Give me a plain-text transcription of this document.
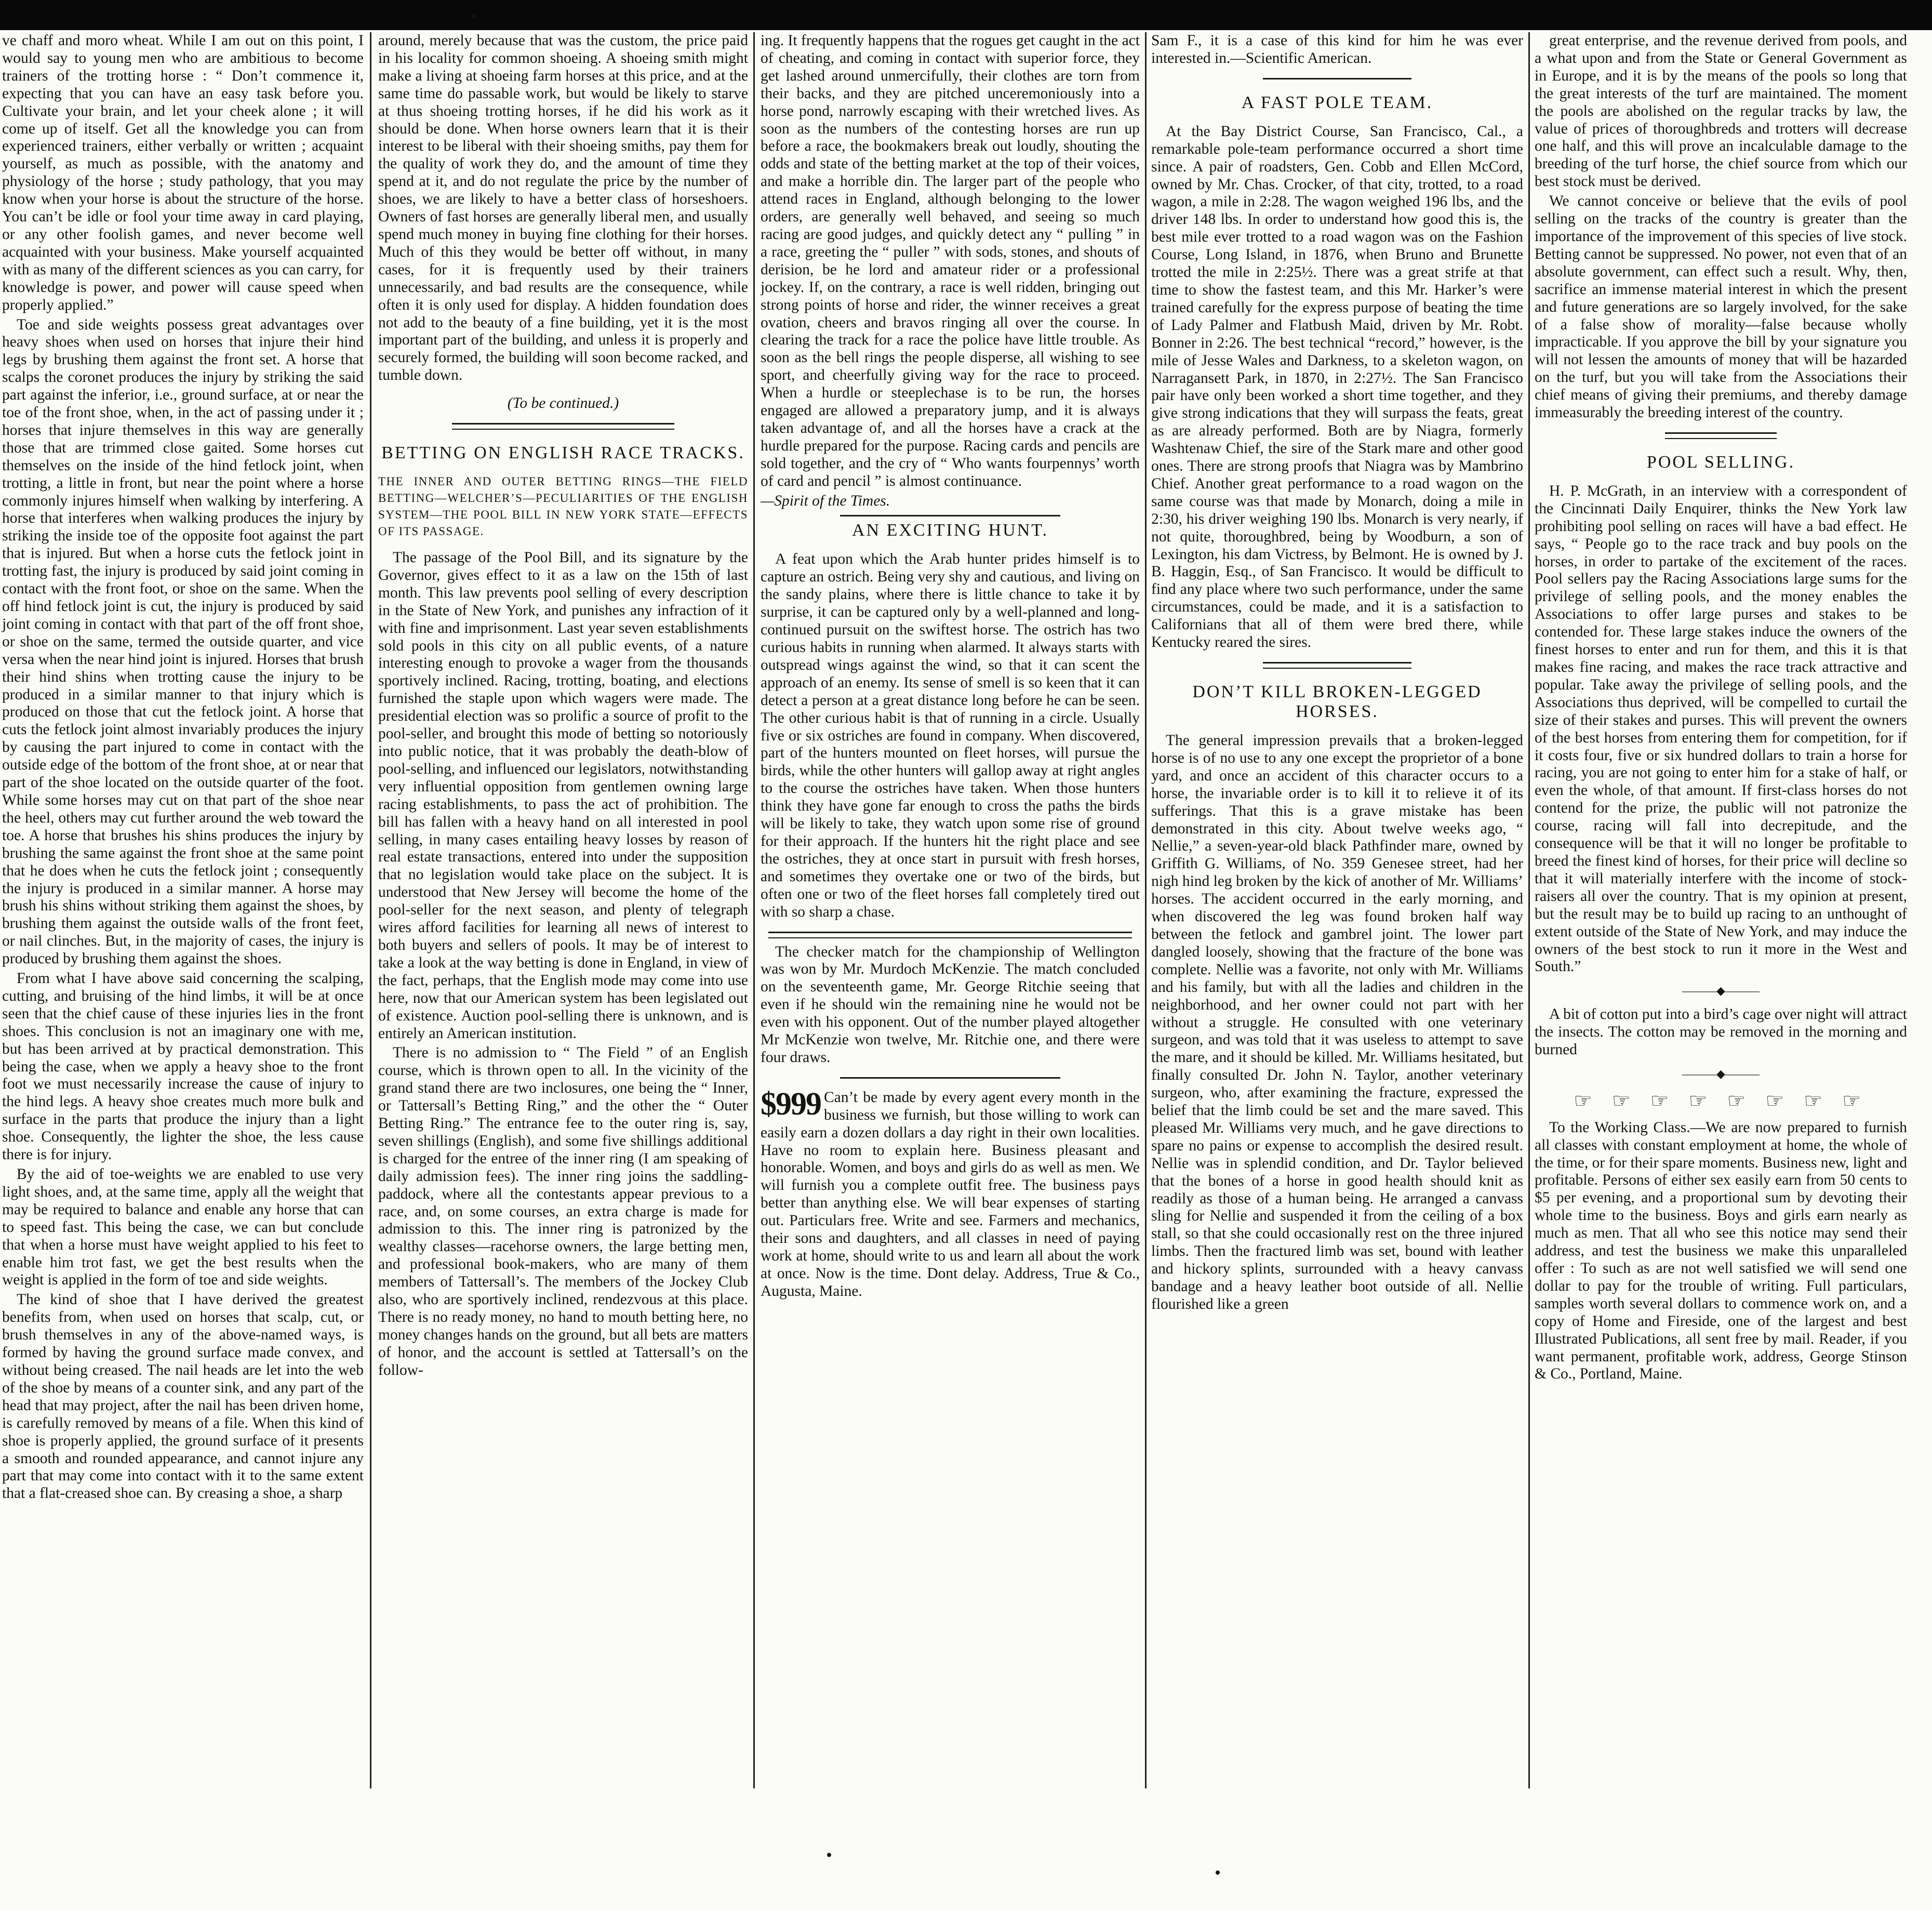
ve chaff and moro wheat. While I am out on this point, I would say to young men who are ambitious to become trainers of the trotting horse : “ Don’t commence it, expecting that you can have an easy task before you. Cultivate your brain, and let your cheek alone ; it will come up of itself. Get all the knowledge you can from experienced trainers, either verbally or written ; acquaint yourself, as much as possible, with the anatomy and physiology of the horse ; study pathology, that you may know when your horse is about the structure of the horse. You can’t be idle or fool your time away in card playing, or any other foolish games, and never become well acquainted with your business. Make yourself acquainted with as many of the different sciences as you can carry, for knowledge is power, and power will cause speed when properly applied.”

Toe and side weights possess great advantages over heavy shoes when used on horses that injure their hind legs by brushing them against the front set. A horse that scalps the coronet produces the injury by striking the said part against the inferior, i.e., ground surface, at or near the toe of the front shoe, when, in the act of passing under it ; horses that injure themselves in this way are generally those that are trimmed close gaited. Some horses cut themselves on the inside of the hind fetlock joint, when trotting, a little in front, but near the point where a horse commonly injures himself when walking by interfering. A horse that interferes when walking produces the injury by striking the inside toe of the opposite foot against the part that is injured. But when a horse cuts the fetlock joint in trotting fast, the injury is produced by said joint coming in contact with the front foot, or shoe on the same. When the off hind fetlock joint is cut, the injury is produced by said joint coming in contact with that part of the off front shoe, or shoe on the same, termed the outside quarter, and vice versa when the near hind joint is injured. Horses that brush their hind shins when trotting cause the injury to be produced in a similar manner to that injury which is produced on those that cut the fetlock joint. A horse that cuts the fetlock joint almost invariably produces the injury by causing the part injured to come in contact with the outside edge of the bottom of the front shoe, at or near that part of the shoe located on the outside quarter of the foot. While some horses may cut on that part of the shoe near the heel, others may cut further around the web toward the toe. A horse that brushes his shins produces the injury by brushing the same against the front shoe at the same point that he does when he cuts the fetlock joint ; consequently the injury is produced in a similar manner. A horse may brush his shins without striking them against the shoes, by brushing them against the outside walls of the front feet, or nail clinches. But, in the majority of cases, the injury is produced by brushing them against the shoes.

From what I have above said concerning the scalping, cutting, and bruising of the hind limbs, it will be at once seen that the chief cause of these injuries lies in the front shoes. This conclusion is not an imaginary one with me, but has been arrived at by practical demonstration. This being the case, when we apply a heavy shoe to the front foot we must necessarily increase the cause of injury to the hind legs. A heavy shoe creates much more bulk and surface in the parts that produce the injury than a light shoe. Consequently, the lighter the shoe, the less cause there is for injury.

By the aid of toe-weights we are enabled to use very light shoes, and, at the same time, apply all the weight that may be required to balance and enable any horse that can to speed fast. This being the case, we can but conclude that when a horse must have weight applied to his feet to enable him trot fast, we get the best results when the weight is applied in the form of toe and side weights.

The kind of shoe that I have derived the greatest benefits from, when used on horses that scalp, cut, or brush themselves in any of the above-named ways, is formed by having the ground surface made convex, and without being creased. The nail heads are let into the web of the shoe by means of a counter sink, and any part of the head that may project, after the nail has been driven home, is carefully removed by means of a file. When this kind of shoe is properly applied, the ground surface of it presents a smooth and rounded appearance, and cannot injure any part that may come into contact with it to the same extent that a flat-creased shoe can. By creasing a shoe, a sharp

around, merely because that was the custom, the price paid in his locality for common shoeing. A shoeing smith might make a living at shoeing farm horses at this price, and at the same time do passable work, but would be likely to starve at thus shoeing trotting horses, if he did his work as it should be done. When horse owners learn that it is their interest to be liberal with their shoeing smiths, pay them for the quality of work they do, and the amount of time they spend at it, and do not regulate the price by the number of shoes, we are likely to have a better class of horseshoers. Owners of fast horses are generally liberal men, and usually spend much money in buying fine clothing for their horses. Much of this they would be better off without, in many cases, for it is frequently used by their trainers unnecessarily, and bad results are the consequence, while often it is only used for display. A hidden foundation does not add to the beauty of a fine building, yet it is the most important part of the building, and unless it is properly and securely formed, the building will soon become racked, and tumble down.

(To be continued.)

BETTING ON ENGLISH RACE TRACKS.
THE INNER AND OUTER BETTING RINGS—THE FIELD BETTING—WELCHER’S—PECULIARITIES OF THE ENGLISH SYSTEM—THE POOL BILL IN NEW YORK STATE—EFFECTS OF ITS PASSAGE.

The passage of the Pool Bill, and its signature by the Governor, gives effect to it as a law on the 15th of last month. This law prevents pool selling of every description in the State of New York, and punishes any infraction of it with fine and imprisonment. Last year seven establishments sold pools in this city on all public events, of a nature interesting enough to provoke a wager from the thousands sportively inclined. Racing, trotting, boating, and elections furnished the staple upon which wagers were made. The presidential election was so prolific a source of profit to the pool-seller, and brought this mode of betting so notoriously into public notice, that it was probably the death-blow of pool-selling, and influenced our legislators, notwithstanding very influential opposition from gentlemen owning large racing establishments, to pass the act of prohibition. The bill has fallen with a heavy hand on all interested in pool selling, in many cases entailing heavy losses by reason of real estate transactions, entered into under the supposition that no legislation would take place on the subject. It is understood that New Jersey will become the home of the pool-seller for the next season, and plenty of telegraph wires afford facilities for learning all news of interest to both buyers and sellers of pools. It may be of interest to take a look at the way betting is done in England, in view of the fact, perhaps, that the English mode may come into use here, now that our American system has been legislated out of existence. Auction pool-selling there is unknown, and is entirely an American institution.

There is no admission to “ The Field ” of an English course, which is thrown open to all. In the vicinity of the grand stand there are two inclosures, one being the “ Inner, or Tattersall’s Betting Ring,” and the other the “ Outer Betting Ring.” The entrance fee to the outer ring is, say, seven shillings (English), and some five shillings additional is charged for the entree of the inner ring (I am speaking of daily admission fees). The inner ring joins the saddling-paddock, where all the contestants appear previous to a race, and, on some courses, an extra charge is made for admission to this. The inner ring is patronized by the wealthy classes—racehorse owners, the large betting men, and professional book-makers, who are many of them members of Tattersall’s. The members of the Jockey Club also, who are sportively inclined, rendezvous at this place. There is no ready money, no hand to mouth betting here, no money changes hands on the ground, but all bets are matters of honor, and the account is settled at Tattersall’s on the follow-

ing. It frequently happens that the rogues get caught in the act of cheating, and coming in contact with superior force, they get lashed around unmercifully, their clothes are torn from their backs, and they are pitched unceremoniously into a horse pond, narrowly escaping with their wretched lives. As soon as the numbers of the contesting horses are run up before a race, the bookmakers break out loudly, shouting the odds and state of the betting market at the top of their voices, and make a horrible din. The larger part of the people who attend races in England, although belonging to the lower orders, are generally well behaved, and seeing so much racing are good judges, and quickly detect any “ pulling ” in a race, greeting the “ puller ” with sods, stones, and shouts of derision, be he lord and amateur rider or a professional jockey. If, on the contrary, a race is well ridden, bringing out strong points of horse and rider, the winner receives a great ovation, cheers and bravos ringing all over the course. In clearing the track for a race the police have little trouble. As soon as the bell rings the people disperse, all wishing to see sport, and cheerfully giving way for the race to proceed. When a hurdle or steeplechase is to be run, the horses engaged are allowed a preparatory jump, and it is always taken advantage of, and all the horses have a crack at the hurdle prepared for the purpose. Racing cards and pencils are sold together, and the cry of “ Who wants fourpennys’ worth of card and pencil ” is almost continuance.

—Spirit of the Times.

AN EXCITING HUNT.

A feat upon which the Arab hunter prides himself is to capture an ostrich. Being very shy and cautious, and living on the sandy plains, where there is little chance to take it by surprise, it can be captured only by a well-planned and long-continued pursuit on the swiftest horse. The ostrich has two curious habits in running when alarmed. It always starts with outspread wings against the wind, so that it can scent the approach of an enemy. Its sense of smell is so keen that it can detect a person at a great distance long before he can be seen. The other curious habit is that of running in a circle. Usually five or six ostriches are found in company. When discovered, part of the hunters mounted on fleet horses, will pursue the birds, while the other hunters will gallop away at right angles to the course the ostriches have taken. When those hunters think they have gone far enough to cross the paths the birds will be likely to take, they watch upon some rise of ground for their approach. If the hunters hit the right place and see the ostriches, they at once start in pursuit with fresh horses, and sometimes they overtake one or two of the birds, but often one or two of the fleet horses fall completely tired out with so sharp a chase.

The checker match for the championship of Wellington was won by Mr. Murdoch McKenzie. The match concluded on the seventeenth game, Mr. George Ritchie seeing that even if he should win the remaining nine he would not be even with his opponent. Out of the number played altogether Mr McKenzie won twelve, Mr. Ritchie one, and there were four draws.

$999 Can’t be made by every agent every month in the business we furnish, but those willing to work can easily earn a dozen dollars a day right in their own localities. Have no room to explain here. Business pleasant and honorable. Women, and boys and girls do as well as men. We will furnish you a complete outfit free. The business pays better than anything else. We will bear expenses of starting out. Particulars free. Write and see. Farmers and mechanics, their sons and daughters, and all classes in need of paying work at home, should write to us and learn all about the work at once. Now is the time. Dont delay. Address, True & Co., Augusta, Maine.

Sam F., it is a case of this kind for him he was ever interested in.—Scientific American.

A FAST POLE TEAM.

At the Bay District Course, San Francisco, Cal., a remarkable pole-team performance occurred a short time since. A pair of roadsters, Gen. Cobb and Ellen McCord, owned by Mr. Chas. Crocker, of that city, trotted, to a road wagon, a mile in 2:28. The wagon weighed 196 lbs, and the driver 148 lbs. In order to understand how good this is, the best mile ever trotted to a road wagon was on the Fashion Course, Long Island, in 1876, when Bruno and Brunette trotted the mile in 2:25½. There was a great strife at that time to show the fastest team, and this Mr. Harker’s were trained carefully for the express purpose of beating the time of Lady Palmer and Flatbush Maid, driven by Mr. Robt. Bonner in 2:26. The best technical “record,” however, is the mile of Jesse Wales and Darkness, to a skeleton wagon, on Narragansett Park, in 1870, in 2:27½. The San Francisco pair have only been worked a short time together, and they give strong indications that they will surpass the feats, great as are already performed. Both are by Niagra, formerly Washtenaw Chief, the sire of the Stark mare and other good ones. There are strong proofs that Niagra was by Mambrino Chief. Another great performance to a road wagon on the same course was that made by Monarch, doing a mile in 2:30, his driver weighing 190 lbs. Monarch is very nearly, if not quite, thoroughbred, being by Woodburn, a son of Lexington, his dam Victress, by Belmont. He is owned by J. B. Haggin, Esq., of San Francisco. It would be difficult to find any place where two such performance, under the same circumstances, could be made, and it is a satisfaction to Californians that all of them were bred there, while Kentucky reared the sires.

DON’T KILL BROKEN-LEGGED HORSES.

The general impression prevails that a broken-legged horse is of no use to any one except the proprietor of a bone yard, and once an accident of this character occurs to a horse, the invariable order is to kill it to relieve it of its sufferings. That this is a grave mistake has been demonstrated in this city. About twelve weeks ago, “ Nellie,” a seven-year-old black Pathfinder mare, owned by Griffith G. Williams, of No. 359 Genesee street, had her nigh hind leg broken by the kick of another of Mr. Williams’ horses. The accident occurred in the early morning, and when discovered the leg was found broken half way between the fetlock and gambrel joint. The lower part dangled loosely, showing that the fracture of the bone was complete. Nellie was a favorite, not only with Mr. Williams and his family, but with all the ladies and children in the neighborhood, and her owner could not part with her without a struggle. He consulted with one veterinary surgeon, and was told that it was useless to attempt to save the mare, and it should be killed. Mr. Williams hesitated, but finally consulted Dr. John N. Taylor, another veterinary surgeon, who, after examining the fracture, expressed the belief that the limb could be set and the mare saved. This pleased Mr. Williams very much, and he gave directions to spare no pains or expense to accomplish the desired result. Nellie was in splendid condition, and Dr. Taylor believed that the bones of a horse in good health should knit as readily as those of a human being. He arranged a canvass sling for Nellie and suspended it from the ceiling of a box stall, so that she could occasionally rest on the three injured limbs. Then the fractured limb was set, bound with leather and hickory splints, surrounded with a heavy canvass bandage and a heavy leather boot outside of all. Nellie flourished like a green

great enterprise, and the revenue derived from pools, and a what upon and from the State or General Government as in Europe, and it is by the means of the pools so long that the great interests of the turf are maintained. The moment the pools are abolished on the regular tracks by law, the value of prices of thoroughbreds and trotters will decrease one half, and this will prove an incalculable damage to the breeding of the turf horse, the chief source from which our best stock must be derived.

We cannot conceive or believe that the evils of pool selling on the tracks of the country is greater than the importance of the improvement of this species of live stock. Betting cannot be suppressed. No power, not even that of an absolute government, can effect such a result. Why, then, sacrifice an immense material interest in which the present and future generations are so largely involved, for the sake of a false show of morality—false because wholly impracticable. If you approve the bill by your signature you will not lessen the amounts of money that will be hazarded on the turf, but you will take from the Associations their chief means of giving their premiums, and thereby damage immeasurably the breeding interest of the country.

POOL SELLING.

H. P. McGrath, in an interview with a correspondent of the Cincinnati Daily Enquirer, thinks the New York law prohibiting pool selling on races will have a bad effect. He says, “ People go to the race track and buy pools on the horses, in order to partake of the excitement of the races. Pool sellers pay the Racing Associations large sums for the privilege of selling pools, and the money enables the Associations to offer large purses and stakes to be contended for. These large stakes induce the owners of the finest horses to enter and run for them, and this it is that makes fine racing, and makes the race track attractive and popular. Take away the privilege of selling pools, and the Associations thus deprived, will be compelled to curtail the size of their stakes and purses. This will prevent the owners of the best horses from entering them for competition, for if it costs four, five or six hundred dollars to train a horse for racing, you are not going to enter him for a stake of half, or even the whole, of that amount. If first-class horses do not contend for the prize, the public will not patronize the course, racing will fall into decrepitude, and the consequence will be that it will no longer be profitable to breed the finest kind of horses, for their price will decline so that it will materially interfere with the income of stock-raisers all over the country. That is my opinion at present, but the result may be to build up racing to an unthought of extent outside of the State of New York, and may induce the owners of the best stock to run it more in the West and South.”

———◆———

A bit of cotton put into a bird’s cage over night will attract the insects. The cotton may be removed in the morning and burned

———◆———
☞ ☞ ☞ ☞ ☞ ☞ ☞ ☞

To the Working Class.—We are now prepared to furnish all classes with constant employment at home, the whole of the time, or for their spare moments. Business new, light and profitable. Persons of either sex easily earn from 50 cents to $5 per evening, and a proportional sum by devoting their whole time to the business. Boys and girls earn nearly as much as men. That all who see this notice may send their address, and test the business we make this unparalleled offer : To such as are not well satisfied we will send one dollar to pay for the trouble of writing. Full particulars, samples worth several dollars to commence work on, and a copy of Home and Fireside, one of the largest and best Illustrated Publications, all sent free by mail. Reader, if you want permanent, profitable work, address, George Stinson & Co., Portland, Maine.
